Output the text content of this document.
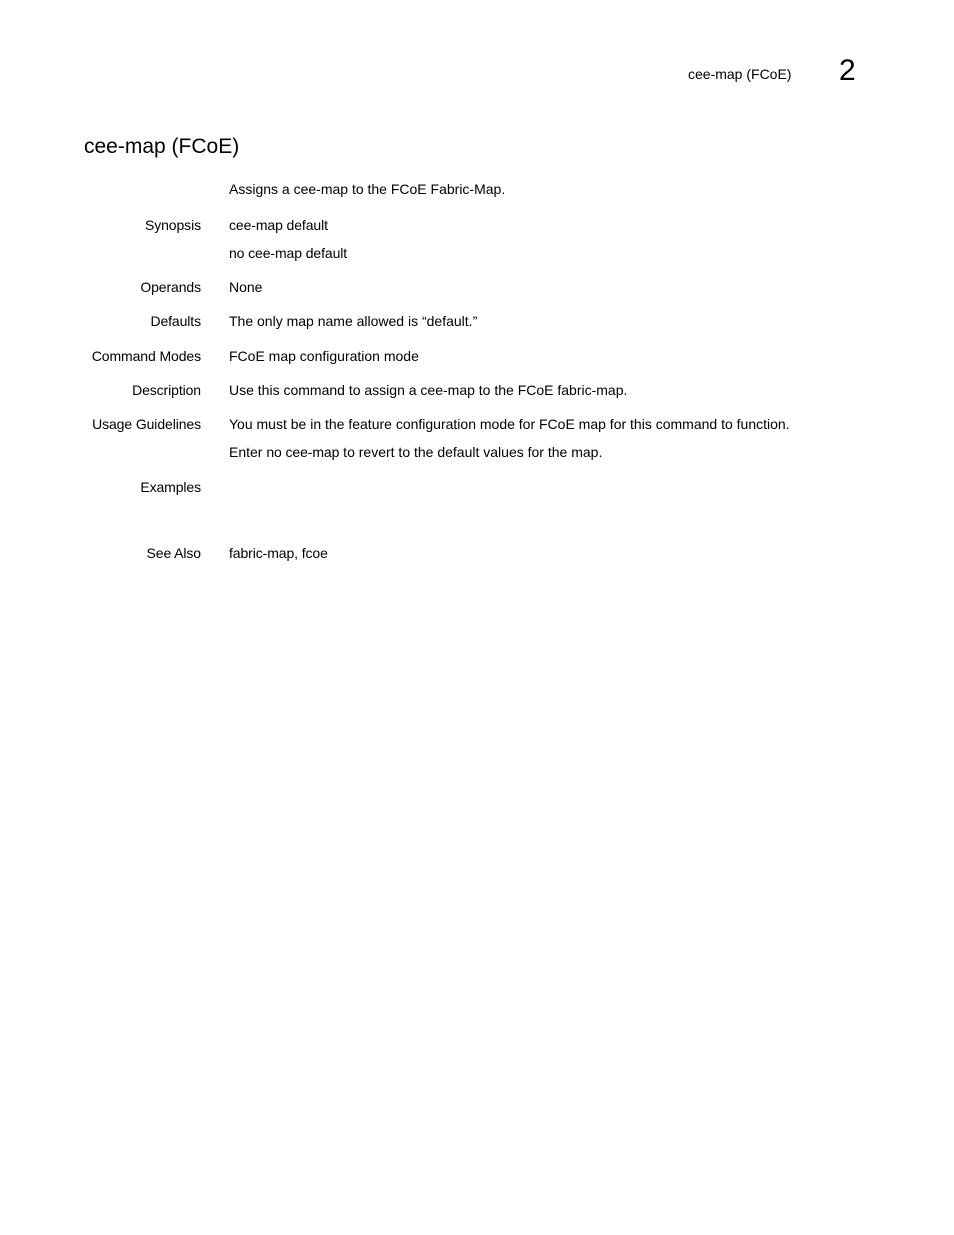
cee-map (FCoE) 2
cee-map (FCoE)
Assigns a cee-map to the FCoE Fabric-Map.
Synopsis cee-map default
no cee-map default
Operands None
Defaults The only map name allowed is “default.”
Command Modes FCoE map configuration mode
Description Use this command to assign a cee-map to the FCoE fabric-map.
Usage Guidelines You must be in the feature configuration mode for FCoE map for this command to function.
Enter no cee-map to revert to the default values for the map.
Examples
See Also fabric-map, fcoe
